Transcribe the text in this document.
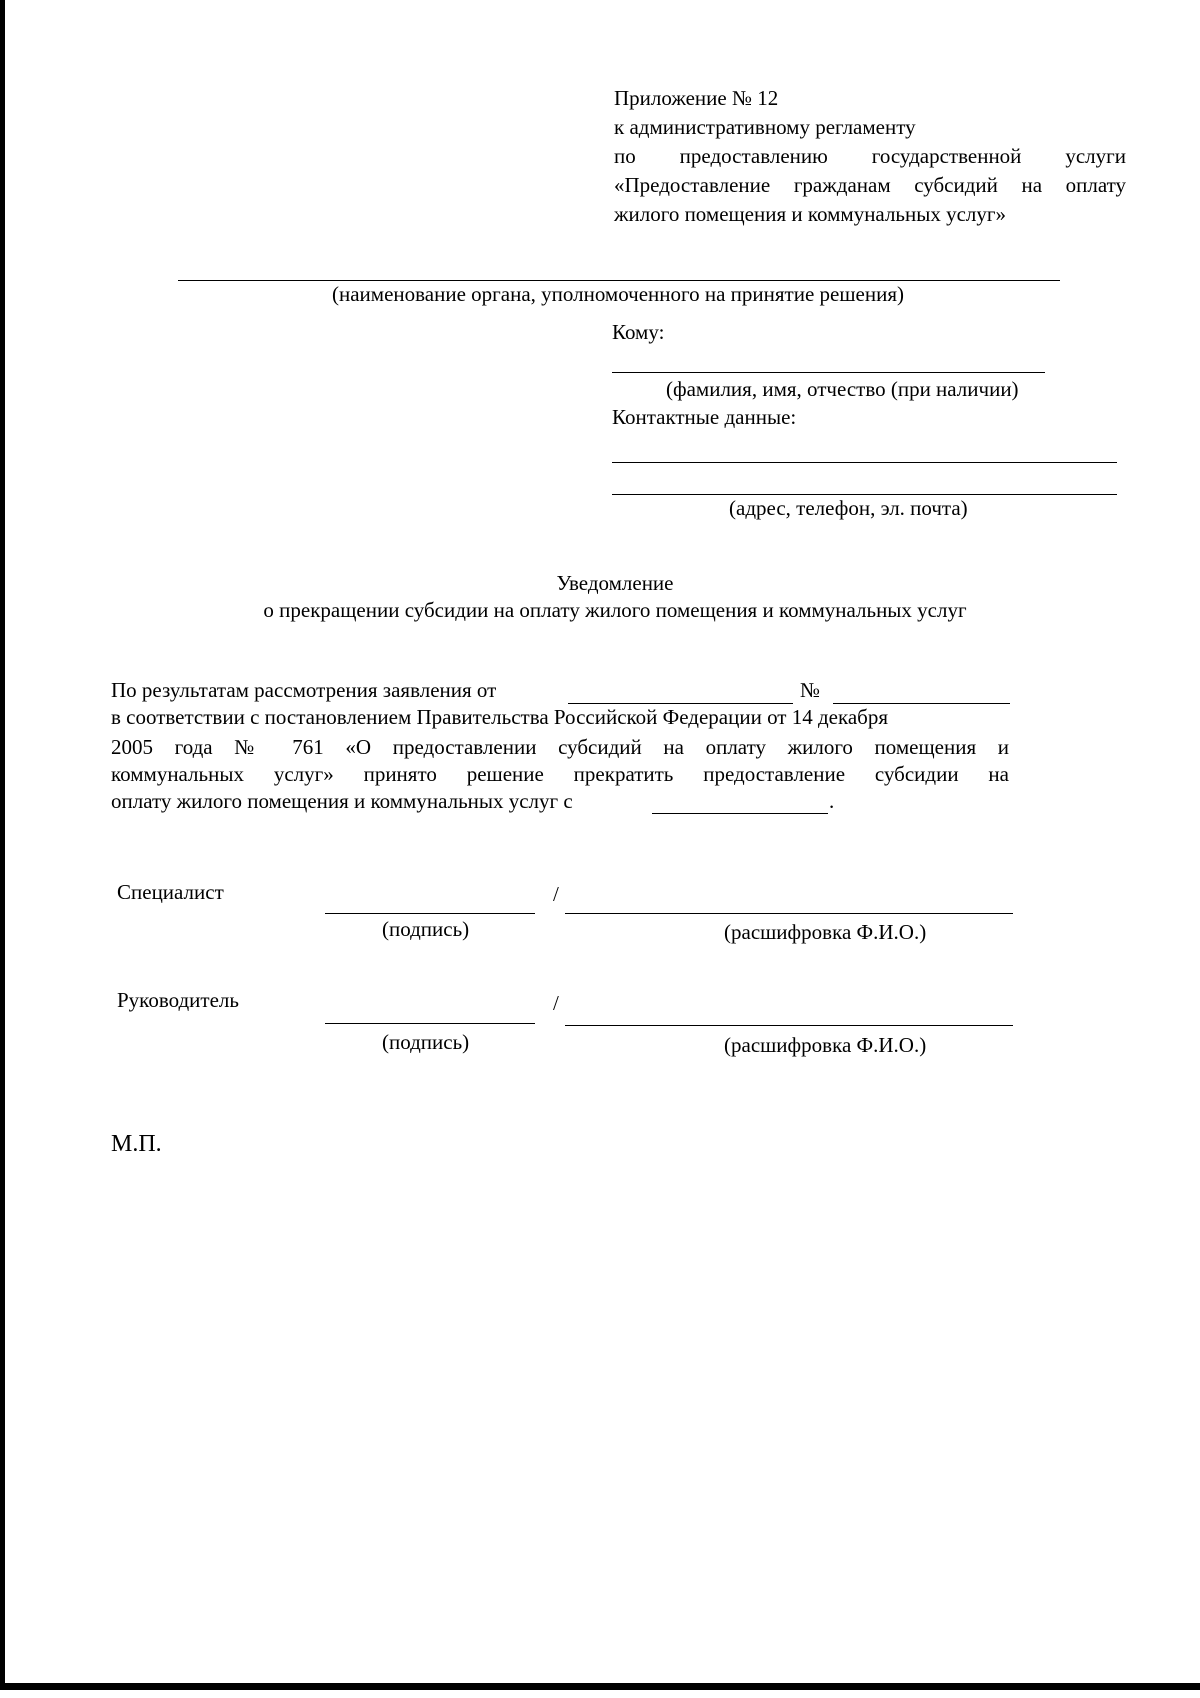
Приложение № 12
к административному регламенту
по предоставлению государственной услуги
«Предоставление гражданам субсидий на оплату
жилого помещения и коммунальных услуг»
(наименование органа, уполномоченного на принятие решения)
Кому:
(фамилия, имя, отчество (при наличии)
Контактные данные:
(адрес, телефон, эл. почта)
Уведомление
о прекращении субсидии на оплату жилого помещения и коммунальных услуг
По результатам рассмотрения заявления от	№
в соответствии с постановлением Правительства Российской Федерации от 14 декабря
2005 года № 761 «О предоставлении субсидий на оплату жилого помещения и
коммунальных услуг» принято решение прекратить предоставление субсидии на
оплату жилого помещения и коммунальных услуг с	.
Специалист	/
(подпись)	(расшифровка Ф.И.О.)
Руководитель	/
(подпись)	(расшифровка Ф.И.О.)
М.П.
